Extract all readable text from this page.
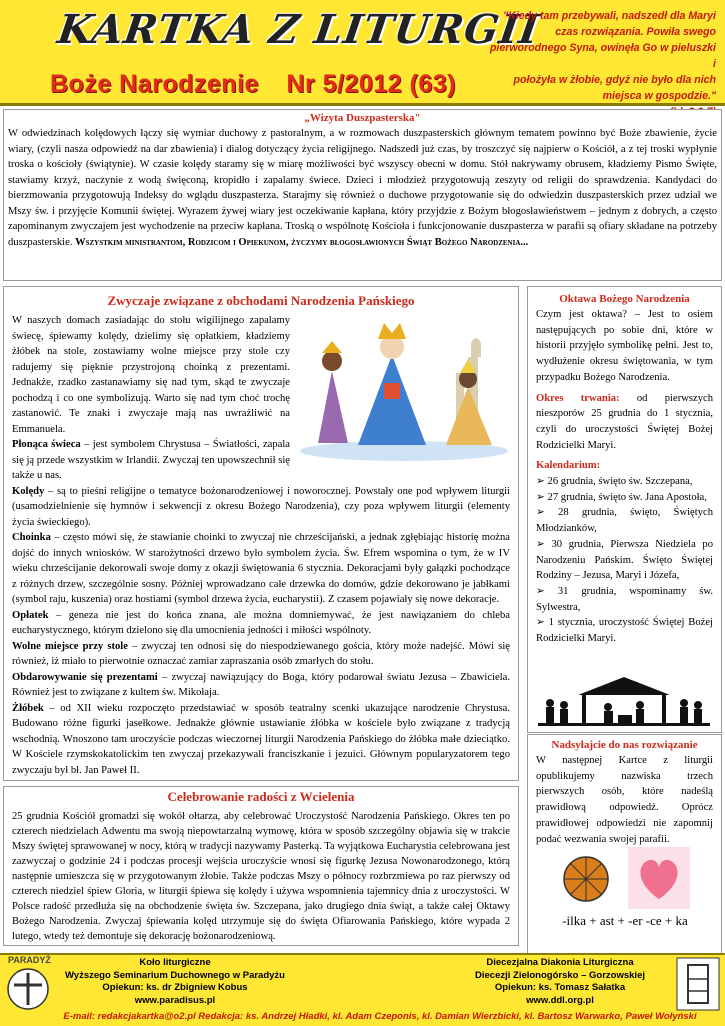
KARTKA Z LITURGII
Boże Narodzenie Nr 5/2012 (63)
"Kiedy tam przebywali, nadszedł dla Maryi
czas rozwiązania. Powiła swego
pierworodnego Syna, owinęła Go w pieluszki i
położyła w żłobie, gdyż nie było dla nich
miejsca w gospodzie."
„Wizyta Duszpasterska"
W odwiedzinach kolędowych łączy się wymiar duchowy z pastoralnym, a w rozmowach duszpasterskich głównym tematem powinno być Boże zbawienie, życie wiary, (czyli nasza odpowiedź na dar zbawienia) i dialog dotyczący życia religijnego. Nadszedł już czas, by troszczyć się najpierw o Kościół, a z tej troski wypłynie troska o kościoły (świątynie). W czasie kolędy staramy się w miarę możliwości być wszyscy obecni w domu. Stół nakrywamy obrusem, kładziemy Pismo Święte, stawiamy krzyż, naczynie z wodą święconą, kropidło i zapalamy świece. Dzieci i młodzież przygotowują zeszyty od religii do sprawdzenia. Kandydaci do bierzmowania przygotowują Indeksy do wglądu duszpasterza. Starajmy się również o duchowe przygotowanie się do odwiedzin duszpasterskich przez udział we Mszy św. i przyjęcie Komunii świętej. Wyrazem żywej wiary jest oczekiwanie kapłana, który przyjdzie z Bożym błogosławieństwem – jednym z dobrych, a często zapominanym zwyczajem jest wychodzenie na przeciw kapłana. Troską o wspólnotę Kościoła i funkcjonowanie duszpasterza w parafii są ofiary składane na potrzeby duszpasterskie. Wszystkim ministrantom, Rodzicom i Opiekunom, życzymy błogosławionych Świąt Bożego Narodzenia...
Zwyczaje związane z obchodami Narodzenia Pańskiego
W naszych domach zasiadając do stołu wigilijnego zapalamy świecę, śpiewamy kolędy, dzielimy się opłatkiem, kładziemy żłóbek na stole, zostawiamy wolne miejsce przy stole czy radujemy się pięknie przystrojoną choinką z prezentami. Jednakże, rzadko zastanawiamy się nad tym, skąd te zwyczaje pochodzą i co one symbolizują. Warto się nad tym choć trochę zastanowić. Te znaki i zwyczaje mają nas uwrażliwić na Emmanuela.
Płonąca świeca – jest symbolem Chrystusa – Światłości, zapala się ją przede wszystkim w Irlandii. Zwyczaj ten upowszechnił się także u nas.
Kolędy – są to pieśni religijne o tematyce bożonarodzeniowej i noworocznej. Powstały one pod wpływem liturgii (usamodzielnienie się hymnów i sekwencji z okresu Bożego Narodzenia), czy poza wpływem liturgii (elementy życia świeckiego).
Choinka – często mówi się, że stawianie choinki to zwyczaj nie chrześcijański, a jednak zgłębiając historię można dojść do innych wniosków. W starożytności drzewo było symbolem życia. Św. Efrem wspomina o tym, że w IV wieku chrześcijanie dekorowali swoje domy z okazji świętowania 6 stycznia. Dekoracjami były gałązki pochodzące z różnych drzew, szczególnie sosny. Później wprowadzano całe drzewka do domów, gdzie dekorowano je jabłkami (symbol raju, kuszenia) oraz hostiami (symbol drzewa życia, eucharystii). Z czasem pojawiały się nowe dekoracje.
Opłatek – geneza nie jest do końca znana, ale można domniemywać, że jest nawiązaniem do chleba eucharystycznego, którym dzielono się dla umocnienia jedności i miłości wspólnoty.
Wolne miejsce przy stole – zwyczaj ten odnosi się do niespodziewanego gościa, który może nadejść. Mówi się również, iż miało to pierwotnie oznaczać zamiar zapraszania osób zmarłych do stołu.
Obdarowywanie się prezentami – zwyczaj nawiązujący do Boga, który podarował światu Jezusa – Zbawiciela. Również jest to związane z kultem św. Mikołaja.
Żłóbek – od XII wieku rozpoczęto przedstawiać w sposób teatralny scenki ukazujące narodzenie Chrystusa. Budowano różne figurki jasełkowe. Jednakże głównie ustawianie żłóbka w kościele było związane z tradycją wschodnią. Wnoszono tam uroczyście podczas wieczornej liturgii Narodzenia Pańskiego do żłóbka małe dzieciątko. W Kościele rzymskokatolickim ten zwyczaj przekazywali franciszkanie i jezuici. Głównym popularyzatorem tego zwyczaju był bł. Jan Paweł II.
Celebrowanie radości z Wcielenia
25 grudnia Kościół gromadzi się wokół ołtarza, aby celebrować Uroczystość Narodzenia Pańskiego. Okres ten po czterech niedzielach Adwentu ma swoją niepowtarzalną wymowę, która w sposób szczególny objawia się w trakcie Mszy świętej sprawowanej w nocy, którą w tradycji nazywamy Pasterką. Ta wyjątkowa Eucharystia celebrowana jest zazwyczaj o godzinie 24 i podczas procesji wejścia uroczyście wnosi się figurkę Jezusa Nowonarodzonego, którą następnie umieszcza się w przygotowanym żłobie. Także podczas Mszy o północy rozbrzmiewa po raz pierwszy od czterech niedziel śpiew Gloria, w liturgii śpiewa się kolędy i używa wspomnienia tajemnicy dnia z uroczystości. W Polsce radość przedłuża się na obchodzenie święta św. Szczepana, jako drugiego dnia świąt, a także całej Oktawy Bożego Narodzenia. Zwyczaj śpiewania kolęd utrzymuje się do święta Ofiarowania Pańskiego, które wypada 2 lutego, wtedy też demontuje się dekorację bożonarodzeniową.
Oktawa Bożego Narodzenia
Czym jest oktawa? – Jest to osiem następujących po sobie dni, które w historii przyjęło symbolikę pełni. Jest to, wydłużenie okresu świętowania, w tym przypadku Bożego Narodzenia.
Okres trwania: od pierwszych nieszporów 25 grudnia do 1 stycznia, czyli do uroczystości Świętej Bożej Rodzicielki Maryi.
Kalendarium:
➢ 26 grudnia, święto św. Szczepana,
➢ 27 grudnia, święto św. Jana Apostoła,
➢ 28 grudnia, święto, Świętych Młodzianków,
➢ 30 grudnia, Pierwsza Niedziela po Narodzeniu Pańskim. Święto Świętej Rodziny – Jezusa, Maryi i Józefa,
➢ 31 grudnia, wspominamy św. Sylwestra,
➢ 1 stycznia, uroczystość Świętej Bożej Rodzicielki Maryi.
Nadsyłajcie do nas rozwiązanie
W następnej Kartce z liturgii opublikujemy nazwiska trzech pierwszych osób, które nadeślą prawidłową odpowiedź. Oprócz prawidłowej odpowiedzi nie zapomnij podać wezwania swojej parafii.
-ilka + ast + -er -ce + ka
PARADYŻ	Koło liturgiczne
Wyższego Seminarium Duchownego w Paradyżu
Opiekun: ks. dr Zbigniew Kobus
www.paradisus.pl
Diecezjalna Diakonia Liturgiczna
Diecezji Zielonogórsko – Gorzowskiej
Opiekun: ks. Tomasz Sałatka
www.ddl.org.pl
E-mail: redakcjakartka@o2.pl Redakcja: ks. Andrzej Hładki, kl. Adam Czeponis, kl. Damian Wierzbicki, kl. Bartosz Warwarko, Paweł Wołyński
